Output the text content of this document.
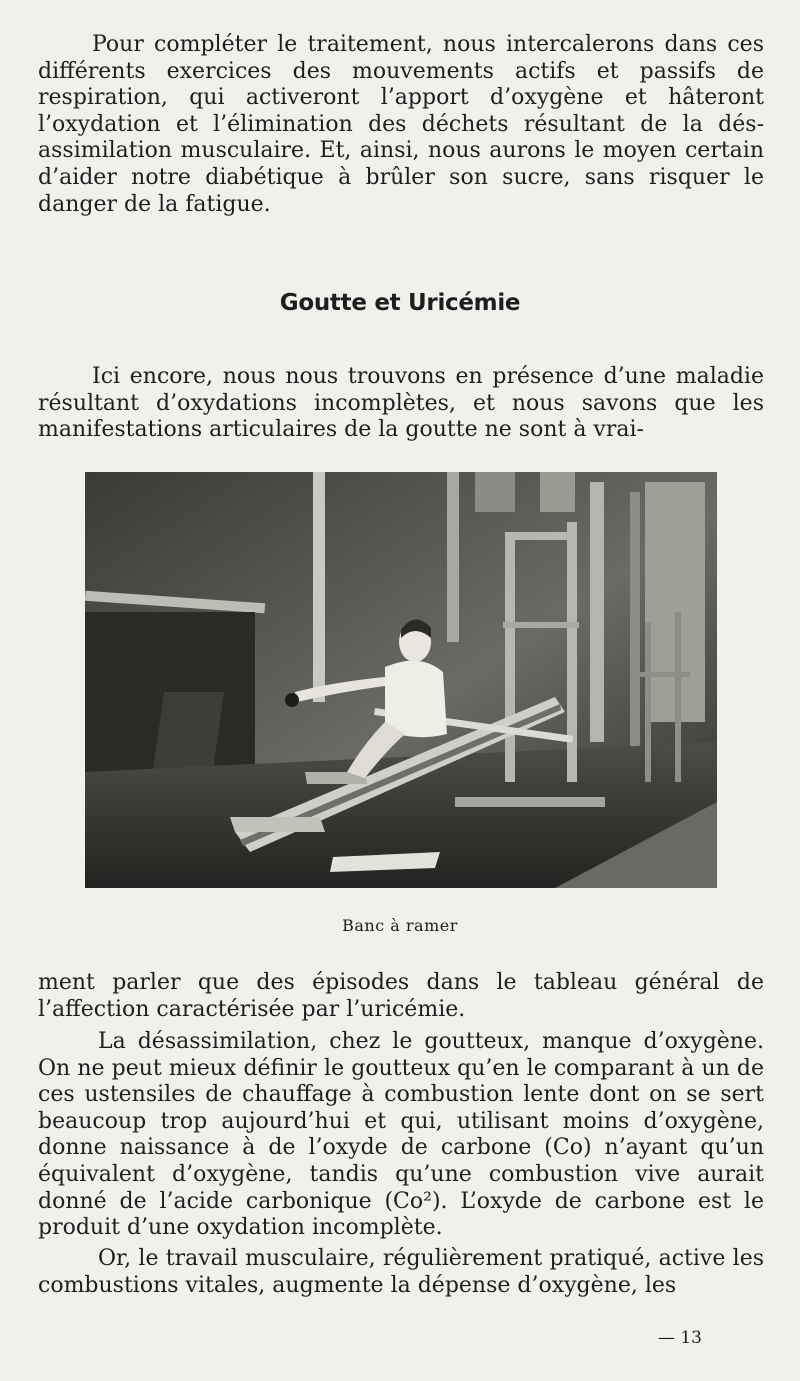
Pour compléter le traitement, nous intercalerons dans ces différents exercices des mouvements actifs et passifs de respiration, qui activeront l’apport d’oxygène et hâteront l’oxydation et l’élimination des déchets résultant de la dés-assimilation musculaire. Et, ainsi, nous aurons le moyen certain d’aider notre diabétique à brûler son sucre, sans risquer le danger de la fatigue.

Goutte et Uricémie

Ici encore, nous nous trouvons en présence d’une maladie résultant d’oxydations incomplètes, et nous savons que les manifestations articulaires de la goutte ne sont à vrai-

Banc à ramer

ment parler que des épisodes dans le tableau général de l’affection caractérisée par l’uricémie.

La désassimilation, chez le goutteux, manque d’oxygène. On ne peut mieux définir le goutteux qu’en le comparant à un de ces ustensiles de chauffage à combustion lente dont on se sert beaucoup trop aujourd’hui et qui, utilisant moins d’oxygène, donne naissance à de l’oxyde de carbone (Co) n’ayant qu’un équivalent d’oxygène, tandis qu’une combustion vive aurait donné de l’acide carbonique (Co²). L’oxyde de carbone est le produit d’une oxydation incomplète.

Or, le travail musculaire, régulièrement pratiqué, active les combustions vitales, augmente la dépense d’oxygène, les

— 13
